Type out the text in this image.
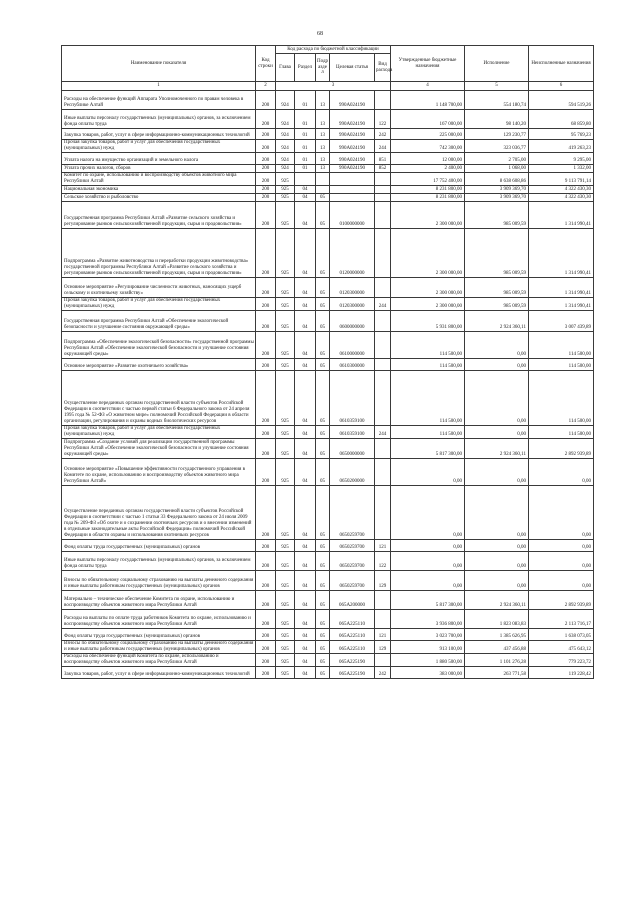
68
Наименование показателя	Код строки	Код расхода по бюджетной классификации					Утвержденные бюджетные назначения	Исполнение	Неисполненные назначения
		Глава	Раздел	Подраздел	Целевая статья	Вид расхода			
1	2	3					4	5	6
Расходы на обеспечение функций Аппарата Уполномоченного по правам человека в Республике Алтай	200	924	01	13	990А024190		1 148 700,00	554 180,74	594 519,26
Иные выплаты персоналу государственных (муниципальных) органов, за исключением фонда оплаты труда	200	924	01	13	990А024190	122	167 000,00	98 140,20	68 859,80
Закупка товаров, работ, услуг в сфере информационно-коммуникационных технологий	200	924	01	13	990А024190	242	225 000,00	129 230,77	95 769,23
Прочая закупка товаров, работ и услуг для обеспечения государственных (муниципальных) нужд	200	924	01	13	990А024190	244	742 300,00	323 036,77	419 263,23
Уплата налога на имущество организаций и земельного налога	200	924	01	13	990А024190	851	12 000,00	2 705,00	9 295,00
Уплата прочих налогов, сборов	200	924	01	13	990А024190	852	2 400,00	1 068,00	1 332,00
Комитет по охране, использованию и воспроизводству объектов животного мира Республики Алтай	200	925					17 752 400,00	8 638 608,86	9 113 791,14
Национальная экономика	200	925	04				8 231 800,00	3 909 369,70	4 322 430,30
Сельское хозяйство и рыболовство	200	925	04	05			8 231 800,00	3 909 369,70	4 322 430,30
Государственная программа Республики Алтай «Развитие сельского хозяйства и регулирование рынков сельскохозяйственной продукции, сырья и продовольствия»	200	925	04	05	0100000000		2 300 000,00	985 009,59	1 314 990,41
Подпрограмма «Развитие животноводства и переработки продукции животноводства» государственной программы Республики Алтай «Развитие сельского хозяйства и регулирование рынков сельскохозяйственной продукции, сырья и продовольствия»	200	925	04	05	0120000000		2 300 000,00	985 009,59	1 314 990,41
Основное мероприятие «Регулирование численности животных, наносящих ущерб сельскому и охотничьему хозяйству»	200	925	04	05	0120300000		2 300 000,00	985 009,59	1 314 990,41
Прочая закупка товаров, работ и услуг для обеспечения государственных (муниципальных) нужд	200	925	04	05	0120300000	244	2 300 000,00	985 009,59	1 314 990,41
Государственная программа Республики Алтай «Обеспечение экологической безопасности и улучшение состояния окружающей среды»	200	925	04	05	0600000000		5 931 800,00	2 924 360,11	3 007 439,89
Подпрограмма «Обеспечение экологической безопасности» государственной программы Республики Алтай «Обеспечение экологической безопасности и улучшение состояния окружающей среды»	200	925	04	05	0610000000		114 500,00	0,00	114 500,00
Основное мероприятие «Развитие охотничьего хозяйства»	200	925	04	05	0610300000		114 500,00	0,00	114 500,00
Осуществление переданных органам государственной власти субъектов Российской Федерации в соответствии с частью первой статьи 6 Федерального закона от 24 апреля 1995 года № 52-ФЗ «О животном мире» полномочий Российской Федерации в области организации, регулирования и охраны водных биологических ресурсов	200	925	04	05	0610359100		114 500,00	0,00	114 500,00
Прочая закупка товаров, работ и услуг для обеспечения государственных (муниципальных) нужд	200	925	04	05	0610359100	244	114 500,00	0,00	114 500,00
Подпрограмма «Создание условий для реализации государственной программы Республики Алтай «Обеспечение экологической безопасности и улучшение состояния окружающей среды»	200	925	04	05	0650000000		5 817 300,00	2 924 360,11	2 892 939,89
Основное мероприятие «Повышение эффективности государственного управления в Комитете по охране, использованию и воспроизводству объектов животного мира Республики Алтай»	200	925	04	05	0650200000		0,00	0,00	0,00
Осуществление переданных органам государственной власти субъектов Российской Федерации в соответствии с частью 1 статьи 33 Федерального закона от 24 июля 2009 года № 209-ФЗ «Об охоте и о сохранении охотничьих ресурсов и о внесении изменений в отдельные законодательные акты Российской Федерации» полномочий Российской Федерации в области охраны и использования охотничьих ресурсов	200	925	04	05	0650259700		0,00	0,00	0,00
Фонд оплаты труда государственных (муниципальных) органов	200	925	04	05	0650259700	121	0,00	0,00	0,00
Иные выплаты персоналу государственных (муниципальных) органов, за исключением фонда оплаты труда	200	925	04	05	0650259700	122	0,00	0,00	0,00
Взносы по обязательному социальному страхованию на выплаты денежного содержания и иные выплаты работникам государственных (муниципальных) органов	200	925	04	05	0650259700	129	0,00	0,00	0,00
Материально – техническое обеспечение Комитета по охране, использованию и воспроизводству объектов животного мира Республики Алтай	200	925	04	05	065А200000		5 817 300,00	2 924 360,11	2 892 939,89
Расходы на выплаты по оплате труда работников Комитета по охране, использованию и воспроизводству объектов животного мира Республики Алтай	200	925	04	05	065А225110		3 936 800,00	1 823 083,83	2 113 716,17
Фонд оплаты труда государственных (муниципальных) органов	200	925	04	05	065А225110	121	3 023 700,00	1 385 626,95	1 638 073,05
Взносы по обязательному социальному страхованию на выплаты денежного содержания и иные выплаты работникам государственных (муниципальных) органов	200	925	04	05	065А225110	129	913 100,00	437 456,88	475 643,12
Расходы на обеспечение функций Комитета по охране, использованию и воспроизводству объектов животного мира Республики Алтай	200	925	04	05	065А225190		1 880 500,00	1 101 276,28	779 223,72
Закупка товаров, работ, услуг в сфере информационно-коммуникационных технологий	200	925	04	05	065А225190	242	383 000,00	263 771,58	119 228,42
